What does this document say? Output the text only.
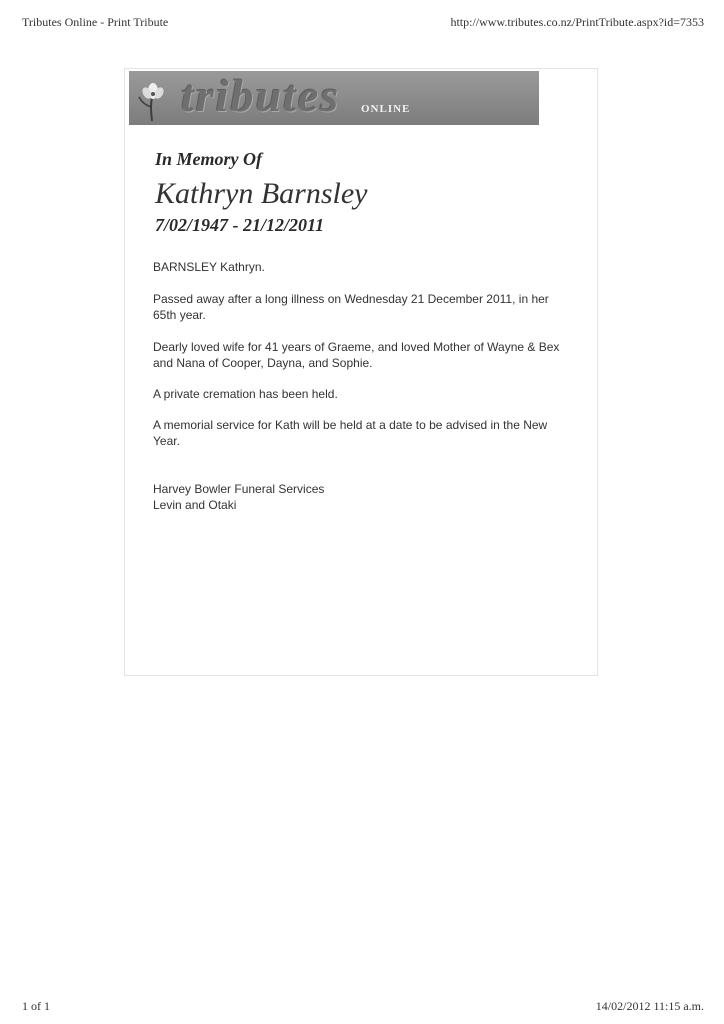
Tributes Online - Print Tribute	http://www.tributes.co.nz/PrintTribute.aspx?id=7353
tributes ONLINE
In Memory Of
Kathryn Barnsley
7/02/1947 - 21/12/2011

BARNSLEY Kathryn.

Passed away after a long illness on Wednesday 21 December 2011, in her 65th year.

Dearly loved wife for 41 years of Graeme, and loved Mother of Wayne & Bex and Nana of Cooper, Dayna, and Sophie.

A private cremation has been held.

A memorial service for Kath will be held at a date to be advised in the New Year.

Harvey Bowler Funeral Services

Levin and Otaki

1 of 1	14/02/2012 11:15 a.m.
